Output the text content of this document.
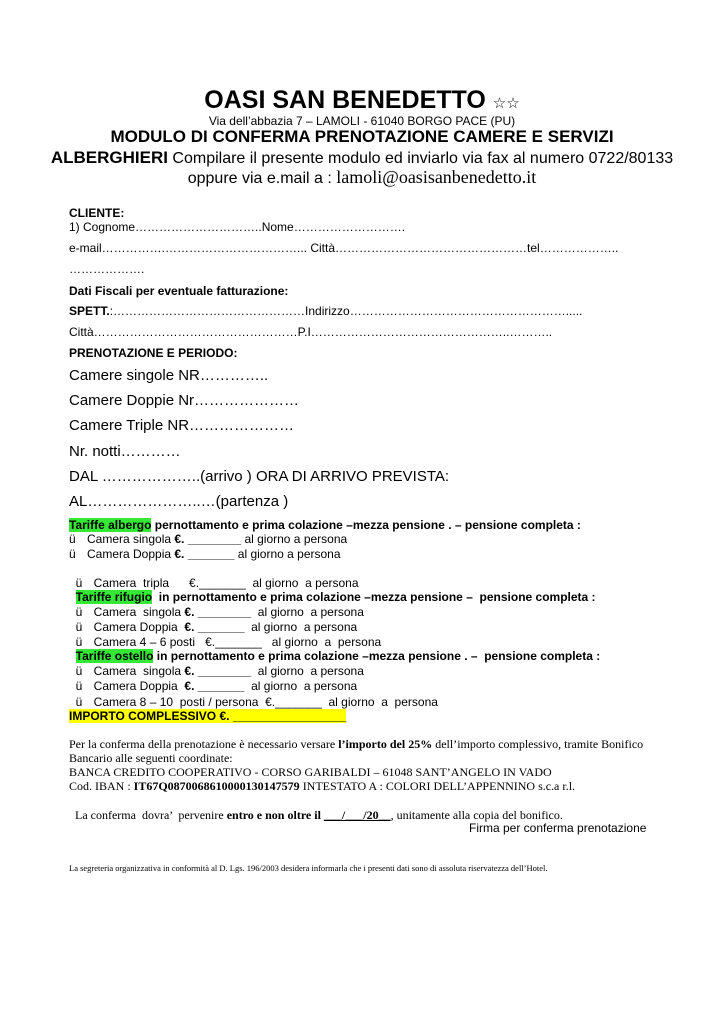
OASI SAN BENEDETTO ☆☆
Via dell’abbazia 7 – LAMOLI - 61040 BORGO PACE (PU)
MODULO DI CONFERMA PRENOTAZIONE CAMERE E SERVIZI
ALBERGHIERI Compilare il presente modulo ed inviarlo via fax al numero 0722/80133
oppure via e.mail a : lamoli@oasisanbenedetto.it
CLIENTE:
1) Cognome…………………………..Nome……………………….
e-mail…………….……………………………... Città…………………………………………tel………………..
……………….
Dati Fiscali per eventuale fatturazione:
SPETT.:…………………………………………Indirizzo……………………………………………….....
Città……………………………………………P.I…………………………………………..………..
PRENOTAZIONE E PERIODO:
Camere singole NR…………..
Camere Doppie Nr…………………
Camere Triple NR…………………
Nr. notti…………
DAL ………………..(arrivo ) ORA DI ARRIVO PREVISTA:
AL…………………..…(partenza )
Tariffe albergo pernottamento e prima colazione –mezza pensione . – pensione completa :
ü Camera singola €. ________ al giorno a persona
ü Camera Doppia €. _______ al giorno a persona

ü Camera  tripla      €._______  al giorno  a persona

Tariffe rifugio  in pernottamento e prima colazione –mezza pensione –  pensione completa :

ü Camera  singola €. ________  al giorno  a persona

ü Camera Doppia  €. _______  al giorno  a persona

ü Camera 4 – 6 posti   €._______   al giorno  a  persona

Tariffe ostello in pernottamento e prima colazione –mezza pensione . –  pensione completa :

ü Camera  singola €. ________  al giorno  a persona

ü Camera Doppia  €. _______  al giorno  a persona

ü Camera 8 – 10  posti / persona  €._______  al giorno  a  persona

IMPORTO COMPLESSIVO €. _________________
Per la conferma della prenotazione è necessario versare l’importo del 25% dell’importo complessivo, tramite Bonifico
Bancario alle seguenti coordinate:
BANCA CREDITO COOPERATIVO - CORSO GARIBALDI – 61048 SANT’ANGELO IN VADO
Cod. IBAN : IT67Q0870068610000130147579 INTESTATO A : COLORI DELL’APPENNINO s.c.a r.l.

La conferma  dovra’  pervenire entro e non oltre il ___/___/20__, unitamente alla copia del bonifico.

Firma per conferma prenotazione
La segreteria organizzativa in conformità al D. Lgs. 196/2003 desidera informarla che i presenti dati sono di assoluta riservatezza dell’Hotel.
